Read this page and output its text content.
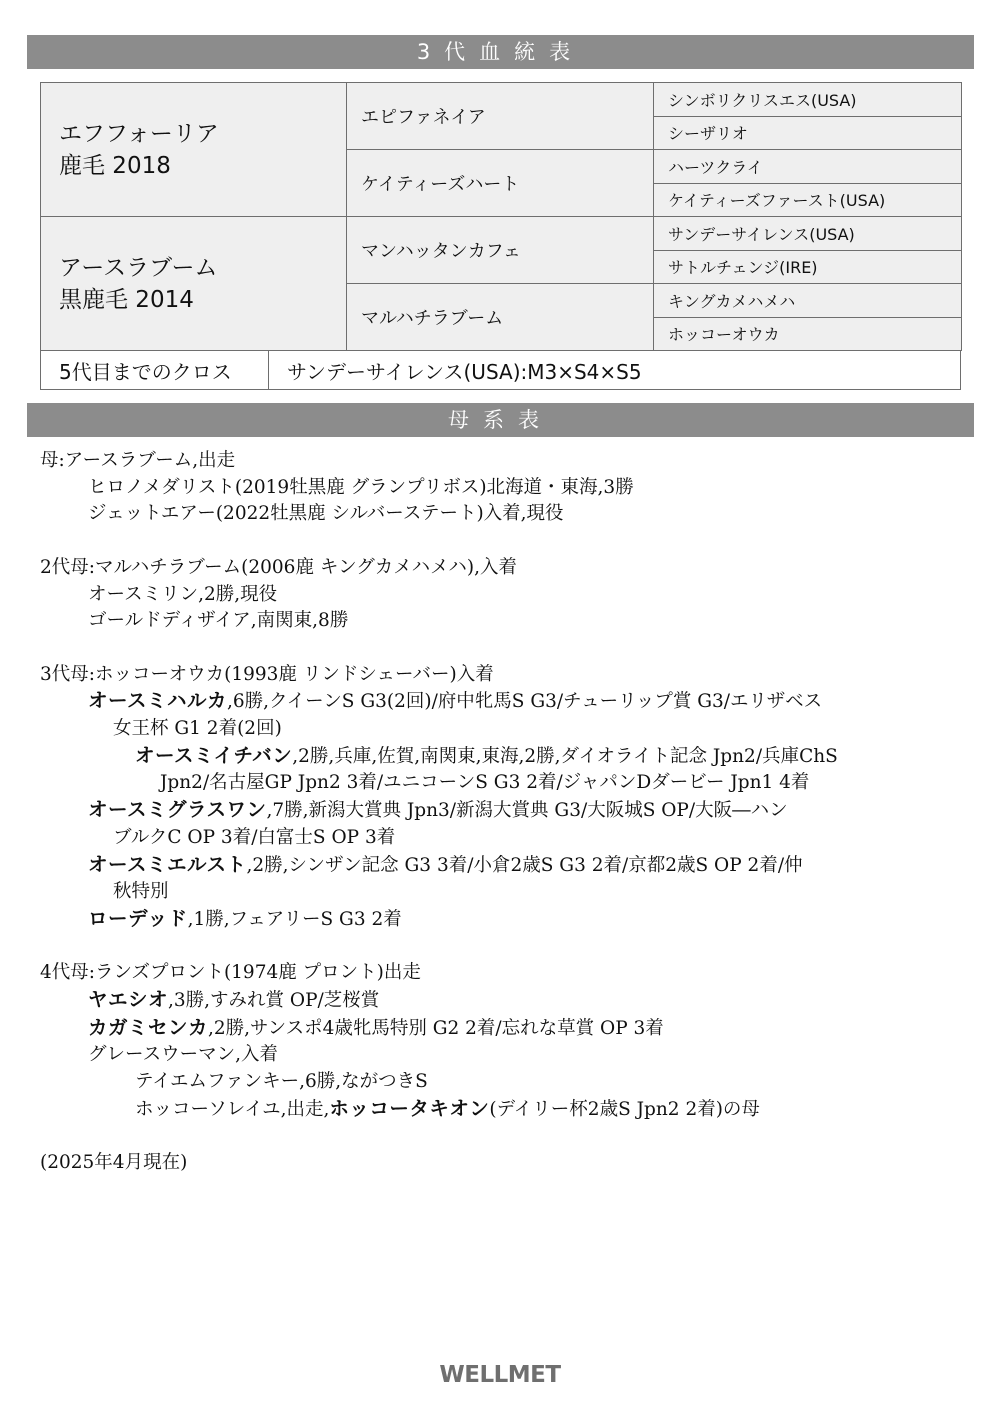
3代血統表
エフフォーリア
鹿毛 2018	エピファネイア	シンボリクリスエス(USA)
		シーザリオ
	ケイティーズハート	ハーツクライ
		ケイティーズファースト(USA)

アースラブーム
黒鹿毛 2014	マンハッタンカフェ	サンデーサイレンス(USA)
		サトルチェンジ(IRE)
	マルハチラブーム	キングカメハメハ
		ホッコーオウカ
5代目までのクロス	サンデーサイレンス(USA):M3×S4×S5
母系表

母:アースラブーム,出走

ヒロノメダリスト(2019牡黒鹿 グランプリボス)北海道・東海,3勝

ジェットエアー(2022牡黒鹿 シルバーステート)入着,現役

2代母:マルハチラブーム(2006鹿 キングカメハメハ),入着

オースミリン,2勝,現役

ゴールドディザイア,南関東,8勝

3代母:ホッコーオウカ(1993鹿 リンドシェーバー)入着

オースミハルカ,6勝,クイーンS G3(2回)/府中牝馬S G3/チューリップ賞 G3/エリザベス
女王杯 G1 2着(2回)

オースミイチバン,2勝,兵庫,佐賀,南関東,東海,2勝,ダイオライト記念 Jpn2/兵庫ChS
Jpn2/名古屋GP Jpn2 3着/ユニコーンS G3 2着/ジャパンDダービー Jpn1 4着

オースミグラスワン,7勝,新潟大賞典 Jpn3/新潟大賞典 G3/大阪城S OP/大阪―ハン
ブルクC OP 3着/白富士S OP 3着

オースミエルスト,2勝,シンザン記念 G3 3着/小倉2歳S G3 2着/京都2歳S OP 2着/仲
秋特別

ローデッド,1勝,フェアリーS G3 2着

4代母:ランズプロント(1974鹿 プロント)出走

ヤエシオ,3勝,すみれ賞 OP/芝桜賞

カガミセンカ,2勝,サンスポ4歳牝馬特別 G2 2着/忘れな草賞 OP 3着

グレースウーマン,入着

テイエムファンキー,6勝,ながつきS

ホッコーソレイユ,出走,ホッコータキオン(デイリー杯2歳S Jpn2 2着)の母

(2025年4月現在)

WELLMET
